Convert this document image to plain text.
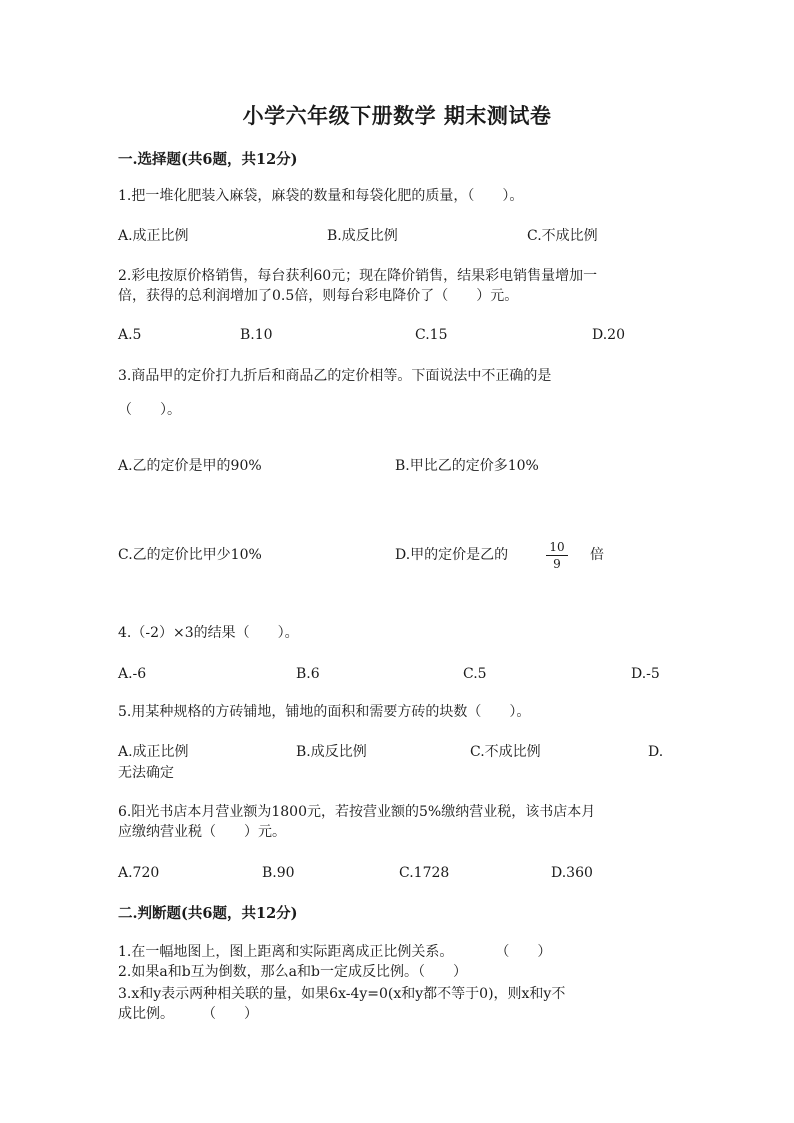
小学六年级下册数学 期末测试卷
一.选择题(共6题，共12分)
1.把一堆化肥装入麻袋，麻袋的数量和每袋化肥的质量，（　　）。
A.成正比例	B.成反比例	C.不成比例
2.彩电按原价格销售，每台获利60元；现在降价销售，结果彩电销售量增加一
倍，获得的总利润增加了0.5倍，则每台彩电降价了（　　）元。
A.5	B.10	C.15	D.20
3.商品甲的定价打九折后和商品乙的定价相等。下面说法中不正确的是
（　　）。
A.乙的定价是甲的90%	B.甲比乙的定价多10%
C.乙的定价比甲少10%	D.甲的定价是乙的	$\frac{10}{9}$ 倍
4.（-2）×3的结果（　　）。
A.-6	B.6	C.5	D.-5
5.用某种规格的方砖铺地，铺地的面积和需要方砖的块数（　　）。
A.成正比例	B.成反比例	C.不成比例	D.
无法确定
6.阳光书店本月营业额为1800元，若按营业额的5%缴纳营业税，该书店本月
应缴纳营业税（　　）元。
A.720	B.90	C.1728	D.360
二.判断题(共6题，共12分)
1.在一幅地图上，图上距离和实际距离成正比例关系。　　　　（　　）
2.如果a和b互为倒数，那么a和b一定成反比例。（　　）
3.x和y表示两种相关联的量，如果6x-4y=0(x和y都不等于0)，则x和y不
成比例。　　　（　　）
